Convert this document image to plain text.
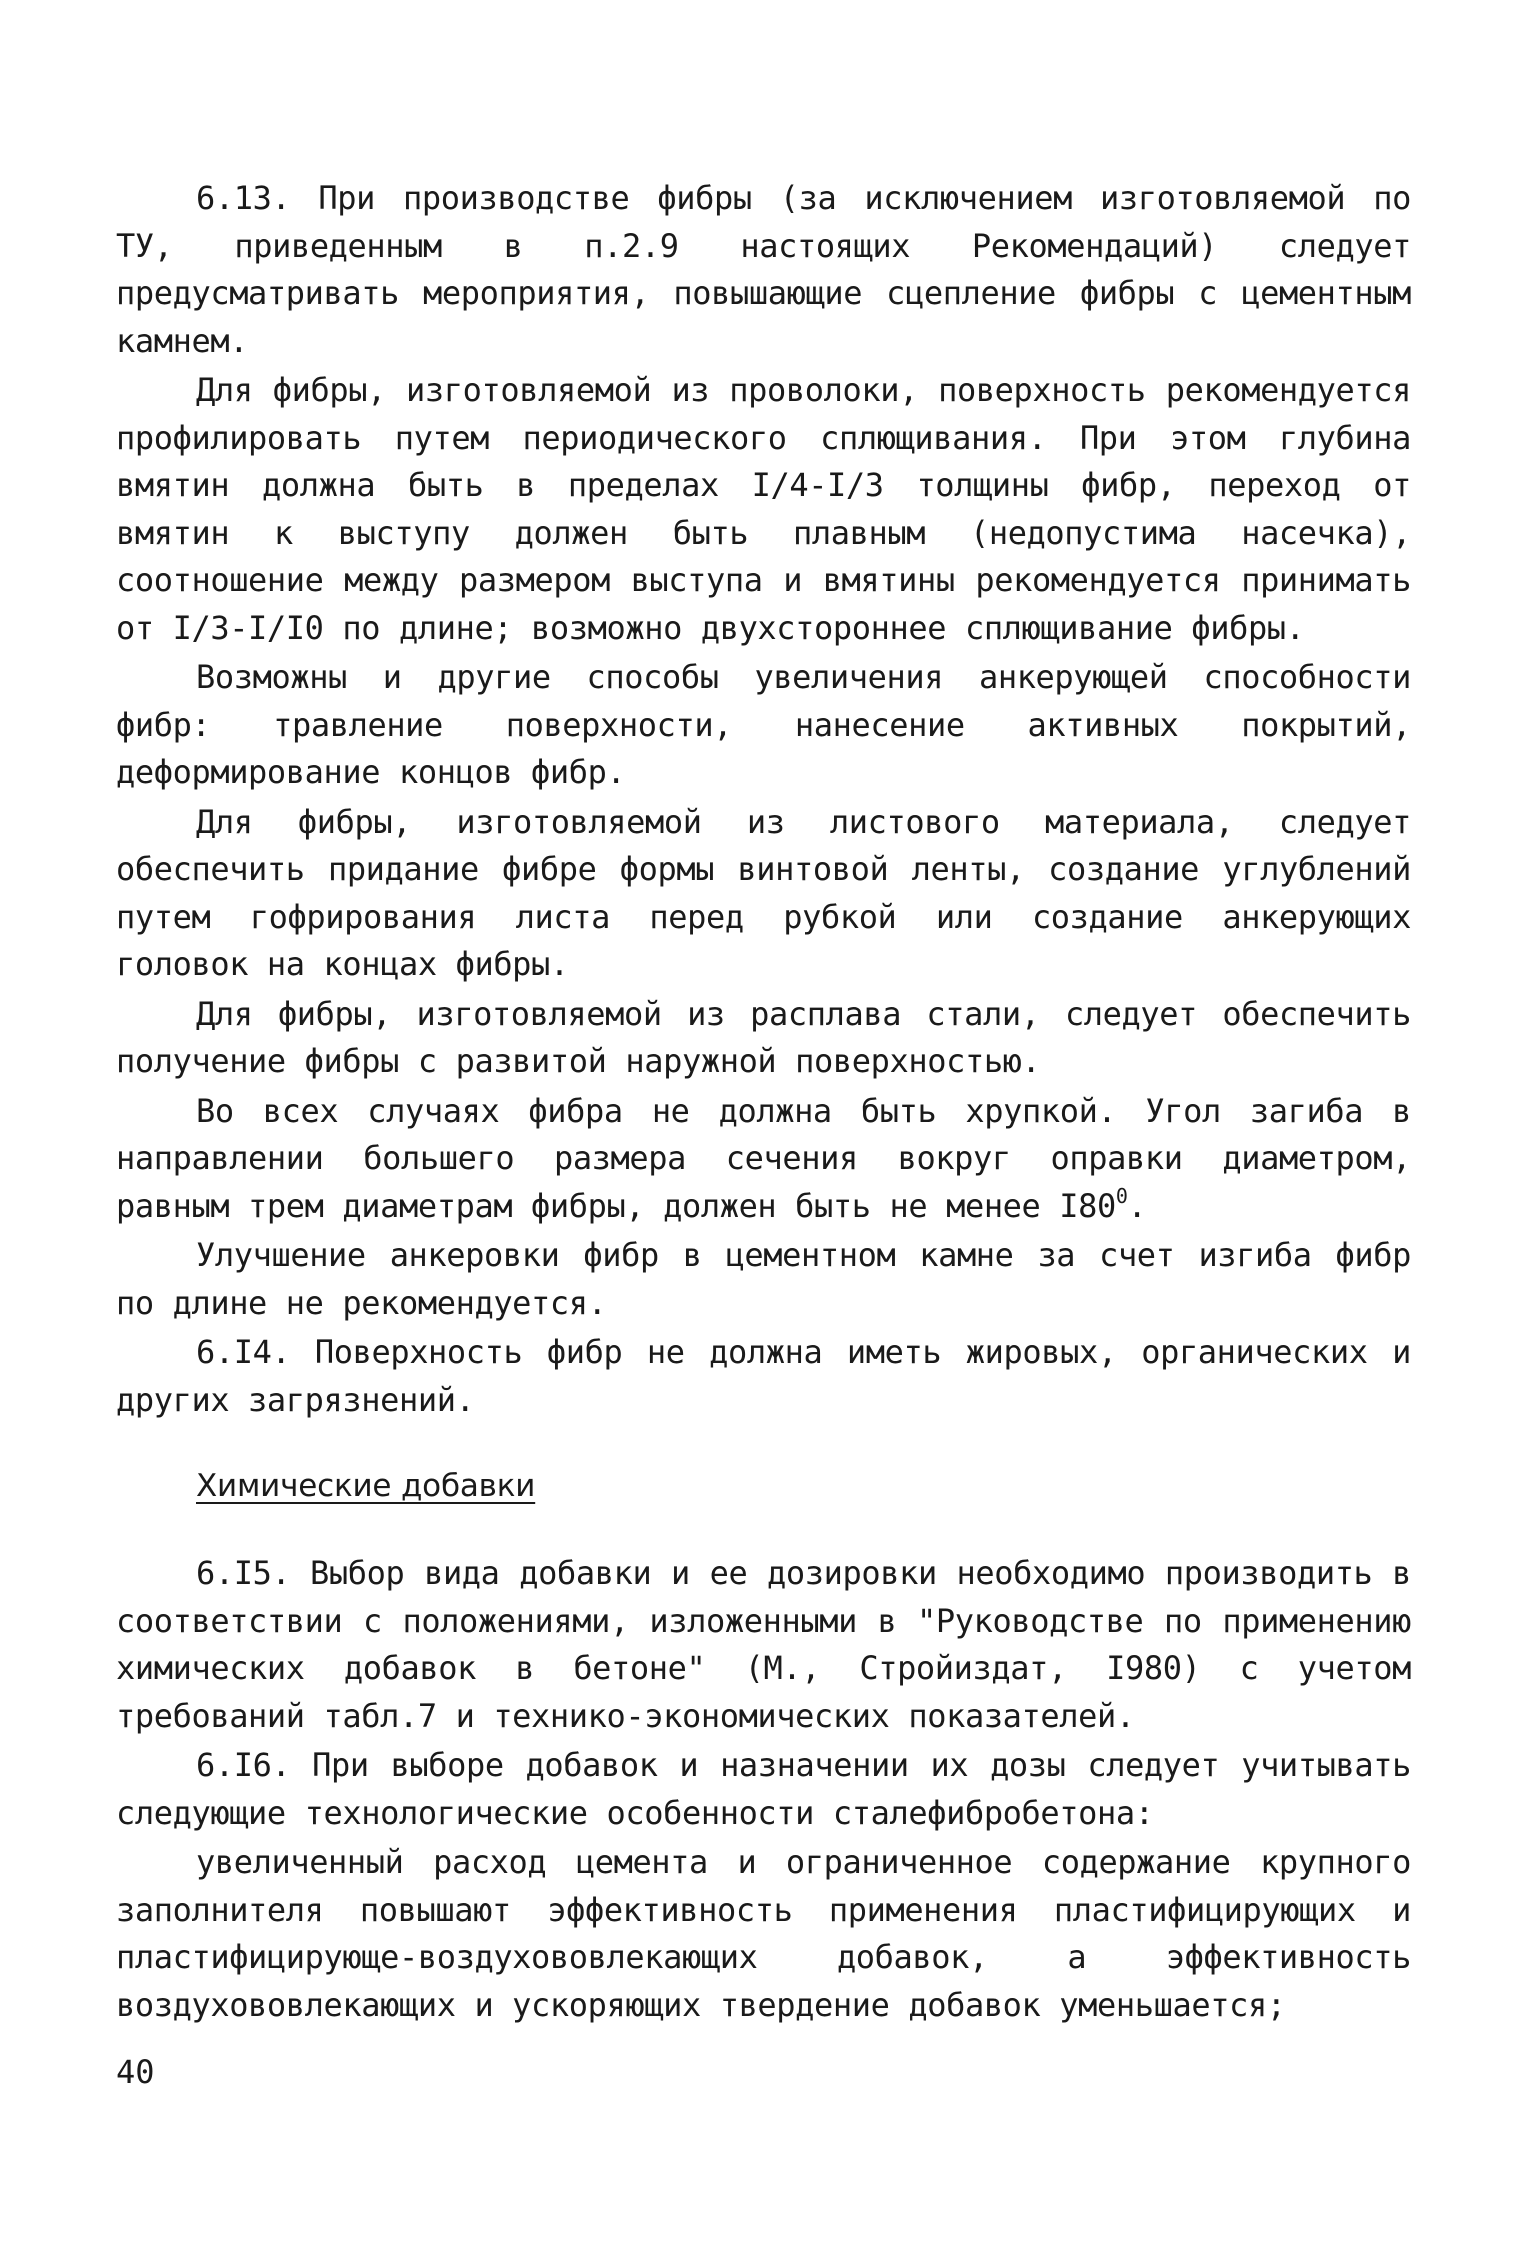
6.13. При производстве фибры (за исключением изготовляемой по ТУ, приведенным в п.2.9 настоящих Рекомендаций) следует предусматривать мероприятия, повышающие сцепление фибры с цементным камнем.

Для фибры, изготовляемой из проволоки, поверхность рекомендуется профилировать путем периодического сплющивания. При этом глубина вмятин должна быть в пределах I/4-I/3 толщины фибр, переход от вмятин к выступу должен быть плавным (недопустима насечка), соотношение между размером выступа и вмятины рекомендуется принимать от I/3-I/I0 по длине; возможно двухстороннее сплющивание фибры.

Возможны и другие способы увеличения анкерующей способности фибр: травление поверхности, нанесение активных покрытий, деформирование концов фибр.

Для фибры, изготовляемой из листового материала, следует обеспечить придание фибре формы винтовой ленты, создание углублений путем гофрирования листа перед рубкой или создание анкерующих головок на концах фибры.

Для фибры, изготовляемой из расплава стали, следует обеспечить получение фибры с развитой наружной поверхностью.

Во всех случаях фибра не должна быть хрупкой. Угол загиба в направлении большего размера сечения вокруг оправки диаметром, равным трем диаметрам фибры, должен быть не менее $I80^0$.

Улучшение анкеровки фибр в цементном камне за счет изгиба фибр по длине не рекомендуется.

6.I4. Поверхность фибр не должна иметь жировых, органических и других загрязнений.

Химические добавки

6.I5. Выбор вида добавки и ее дозировки необходимо производить в соответствии с положениями, изложенными в "Руководстве по применению химических добавок в бетоне" (М., Стройиздат, I980) с учетом требований табл.7 и технико-экономических показателей.

6.I6. При выборе добавок и назначении их дозы следует учитывать следующие технологические особенности сталефибробетона:

увеличенный расход цемента и ограниченное содержание крупного заполнителя повышают эффективность применения пластифицирующих и пластифицирующе-воздухововлекающих добавок, а эффективность воздухововлекающих и ускоряющих твердение добавок уменьшается;

40
